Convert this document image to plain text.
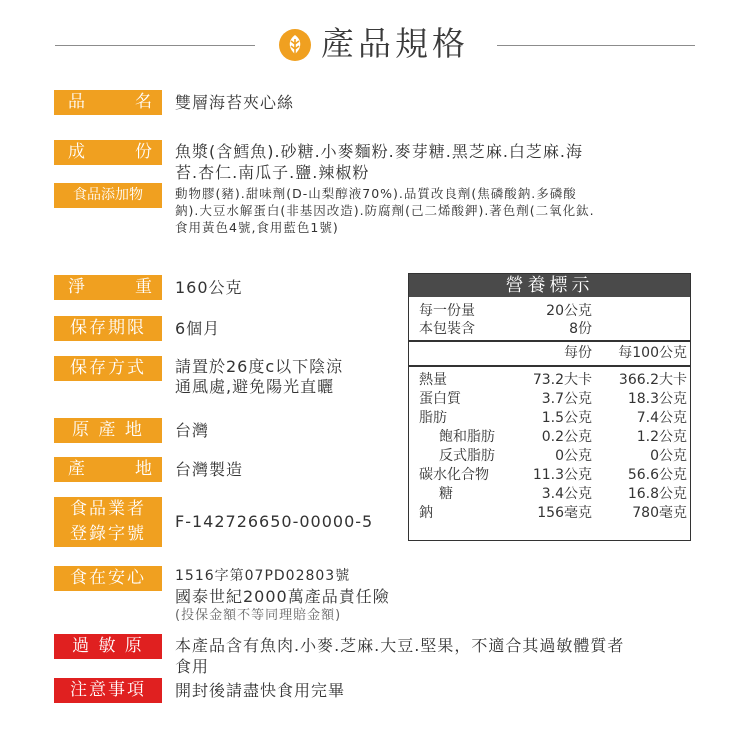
產品規格
品	名 雙層海苔夾心絲
成	份 魚漿(含鱈魚).砂糖.小麥麵粉.麥芽糖.黑芝麻.白芝麻.海
苔.杏仁.南瓜子.鹽.辣椒粉
食品添加物	動物膠(豬).甜味劑(D-山梨醇液70%).品質改良劑(焦磷酸鈉.多磷酸
鈉).大豆水解蛋白(非基因改造).防腐劑(己二烯酸鉀).著色劑(二氧化鈦.
食用黃色4號,食用藍色1號)
淨	重 160公克
保存期限	6個月
保存方式	請置於26度c以下陰涼
通風處,避免陽光直曬
原 產 地	台灣
產	地 台灣製造
食品業者
登錄字號
F-142726650-00000-5
食在安心	1516字第07PD02803號
國泰世紀2000萬產品責任險
(投保金額不等同理賠金額)
過 敏 原	本產品含有魚肉.小麥.芝麻.大豆.堅果，不適合其過敏體質者
食用
注意事項	開封後請盡快食用完畢
營養標示
每一份量	20公克
本包裝含	8份
每份 每100公克
熱量	73.2大卡 366.2大卡
蛋白質	3.7公克	18.3公克
脂肪	1.5公克	7.4公克
飽和脂肪	0.2公克	1.2公克
反式脂肪	0公克	0公克
碳水化合物	11.3公克	56.6公克
糖	3.4公克	16.8公克
鈉	156毫克	780毫克
